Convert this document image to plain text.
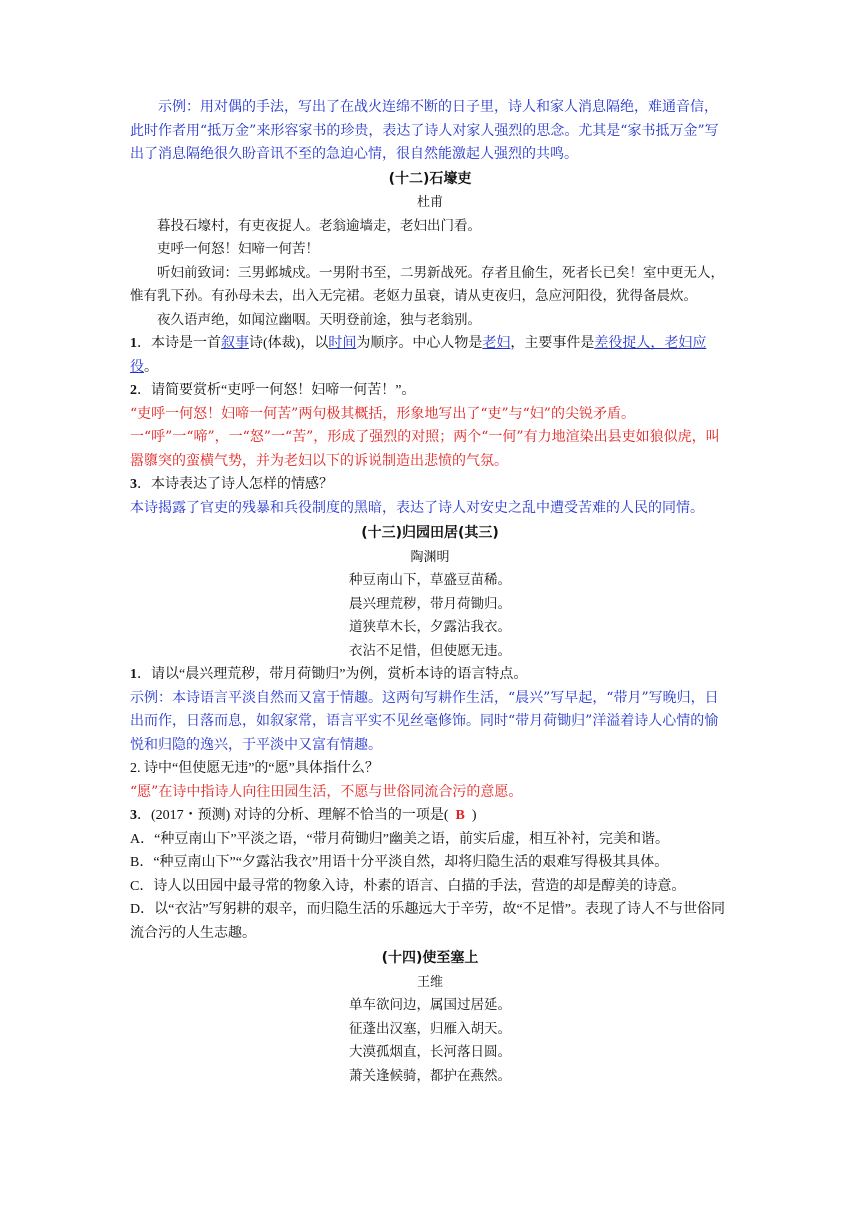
示例：用对偶的手法，写出了在战火连绵不断的日子里，诗人和家人消息隔绝，难通音信，此时作者用“抵万金”来形容家书的珍贵，表达了诗人对家人强烈的思念。尤其是“家书抵万金”写出了消息隔绝很久盼音讯不至的急迫心情，很自然能激起人强烈的共鸣。

(十二)石壕吏

杜甫

暮投石壕村，有吏夜捉人。老翁逾墙走，老妇出门看。

吏呼一何怒！妇啼一何苦！

听妇前致词：三男邺城戍。一男附书至，二男新战死。存者且偷生，死者长已矣！室中更无人，惟有乳下孙。有孙母未去，出入无完裙。老妪力虽衰，请从吏夜归，急应河阳役，犹得备晨炊。

夜久语声绝，如闻泣幽咽。天明登前途，独与老翁别。

1．本诗是一首叙事诗(体裁)，以时间为顺序。中心人物是老妇，主要事件是差役捉人，老妇应役。

2．请简要赏析“吏呼一何怒！妇啼一何苦！”。

“吏呼一何怒！妇啼一何苦”两句极其概括，形象地写出了“吏”与“妇”的尖锐矛盾。一“呼”一“啼”，一“怒”一“苦”，形成了强烈的对照；两个“一何”有力地渲染出县吏如狼似虎，叫嚣隳突的蛮横气势，并为老妇以下的诉说制造出悲愤的气氛。

3．本诗表达了诗人怎样的情感？

本诗揭露了官吏的残暴和兵役制度的黑暗，表达了诗人对安史之乱中遭受苦难的人民的同情。

(十三)归园田居(其三)

陶渊明

种豆南山下，草盛豆苗稀。

晨兴理荒秽，带月荷锄归。

道狭草木长，夕露沾我衣。

衣沾不足惜，但使愿无违。

1．请以“晨兴理荒秽，带月荷锄归”为例，赏析本诗的语言特点。

示例：本诗语言平淡自然而又富于情趣。这两句写耕作生活，“晨兴”写早起，“带月”写晚归，日出而作，日落而息，如叙家常，语言平实不见丝毫修饰。同时“带月荷锄归”洋溢着诗人心情的愉悦和归隐的逸兴，于平淡中又富有情趣。

2. 诗中“但使愿无违”的“愿”具体指什么？

“愿”在诗中指诗人向往田园生活，不愿与世俗同流合污的意愿。

3．(2017・预测) 对诗的分析、理解不恰当的一项是( B )

A．“种豆南山下”平淡之语，“带月荷锄归”幽美之语，前实后虚，相互补衬，完美和谐。

B．“种豆南山下”“夕露沾我衣”用语十分平淡自然，却将归隐生活的艰难写得极其具体。

C．诗人以田园中最寻常的物象入诗，朴素的语言、白描的手法，营造的却是醇美的诗意。

D．以“衣沾”写躬耕的艰辛，而归隐生活的乐趣远大于辛劳，故“不足惜”。表现了诗人不与世俗同流合污的人生志趣。

(十四)使至塞上

王维

单车欲问边，属国过居延。

征蓬出汉塞，归雁入胡天。

大漠孤烟直，长河落日圆。

萧关逢候骑，都护在燕然。
